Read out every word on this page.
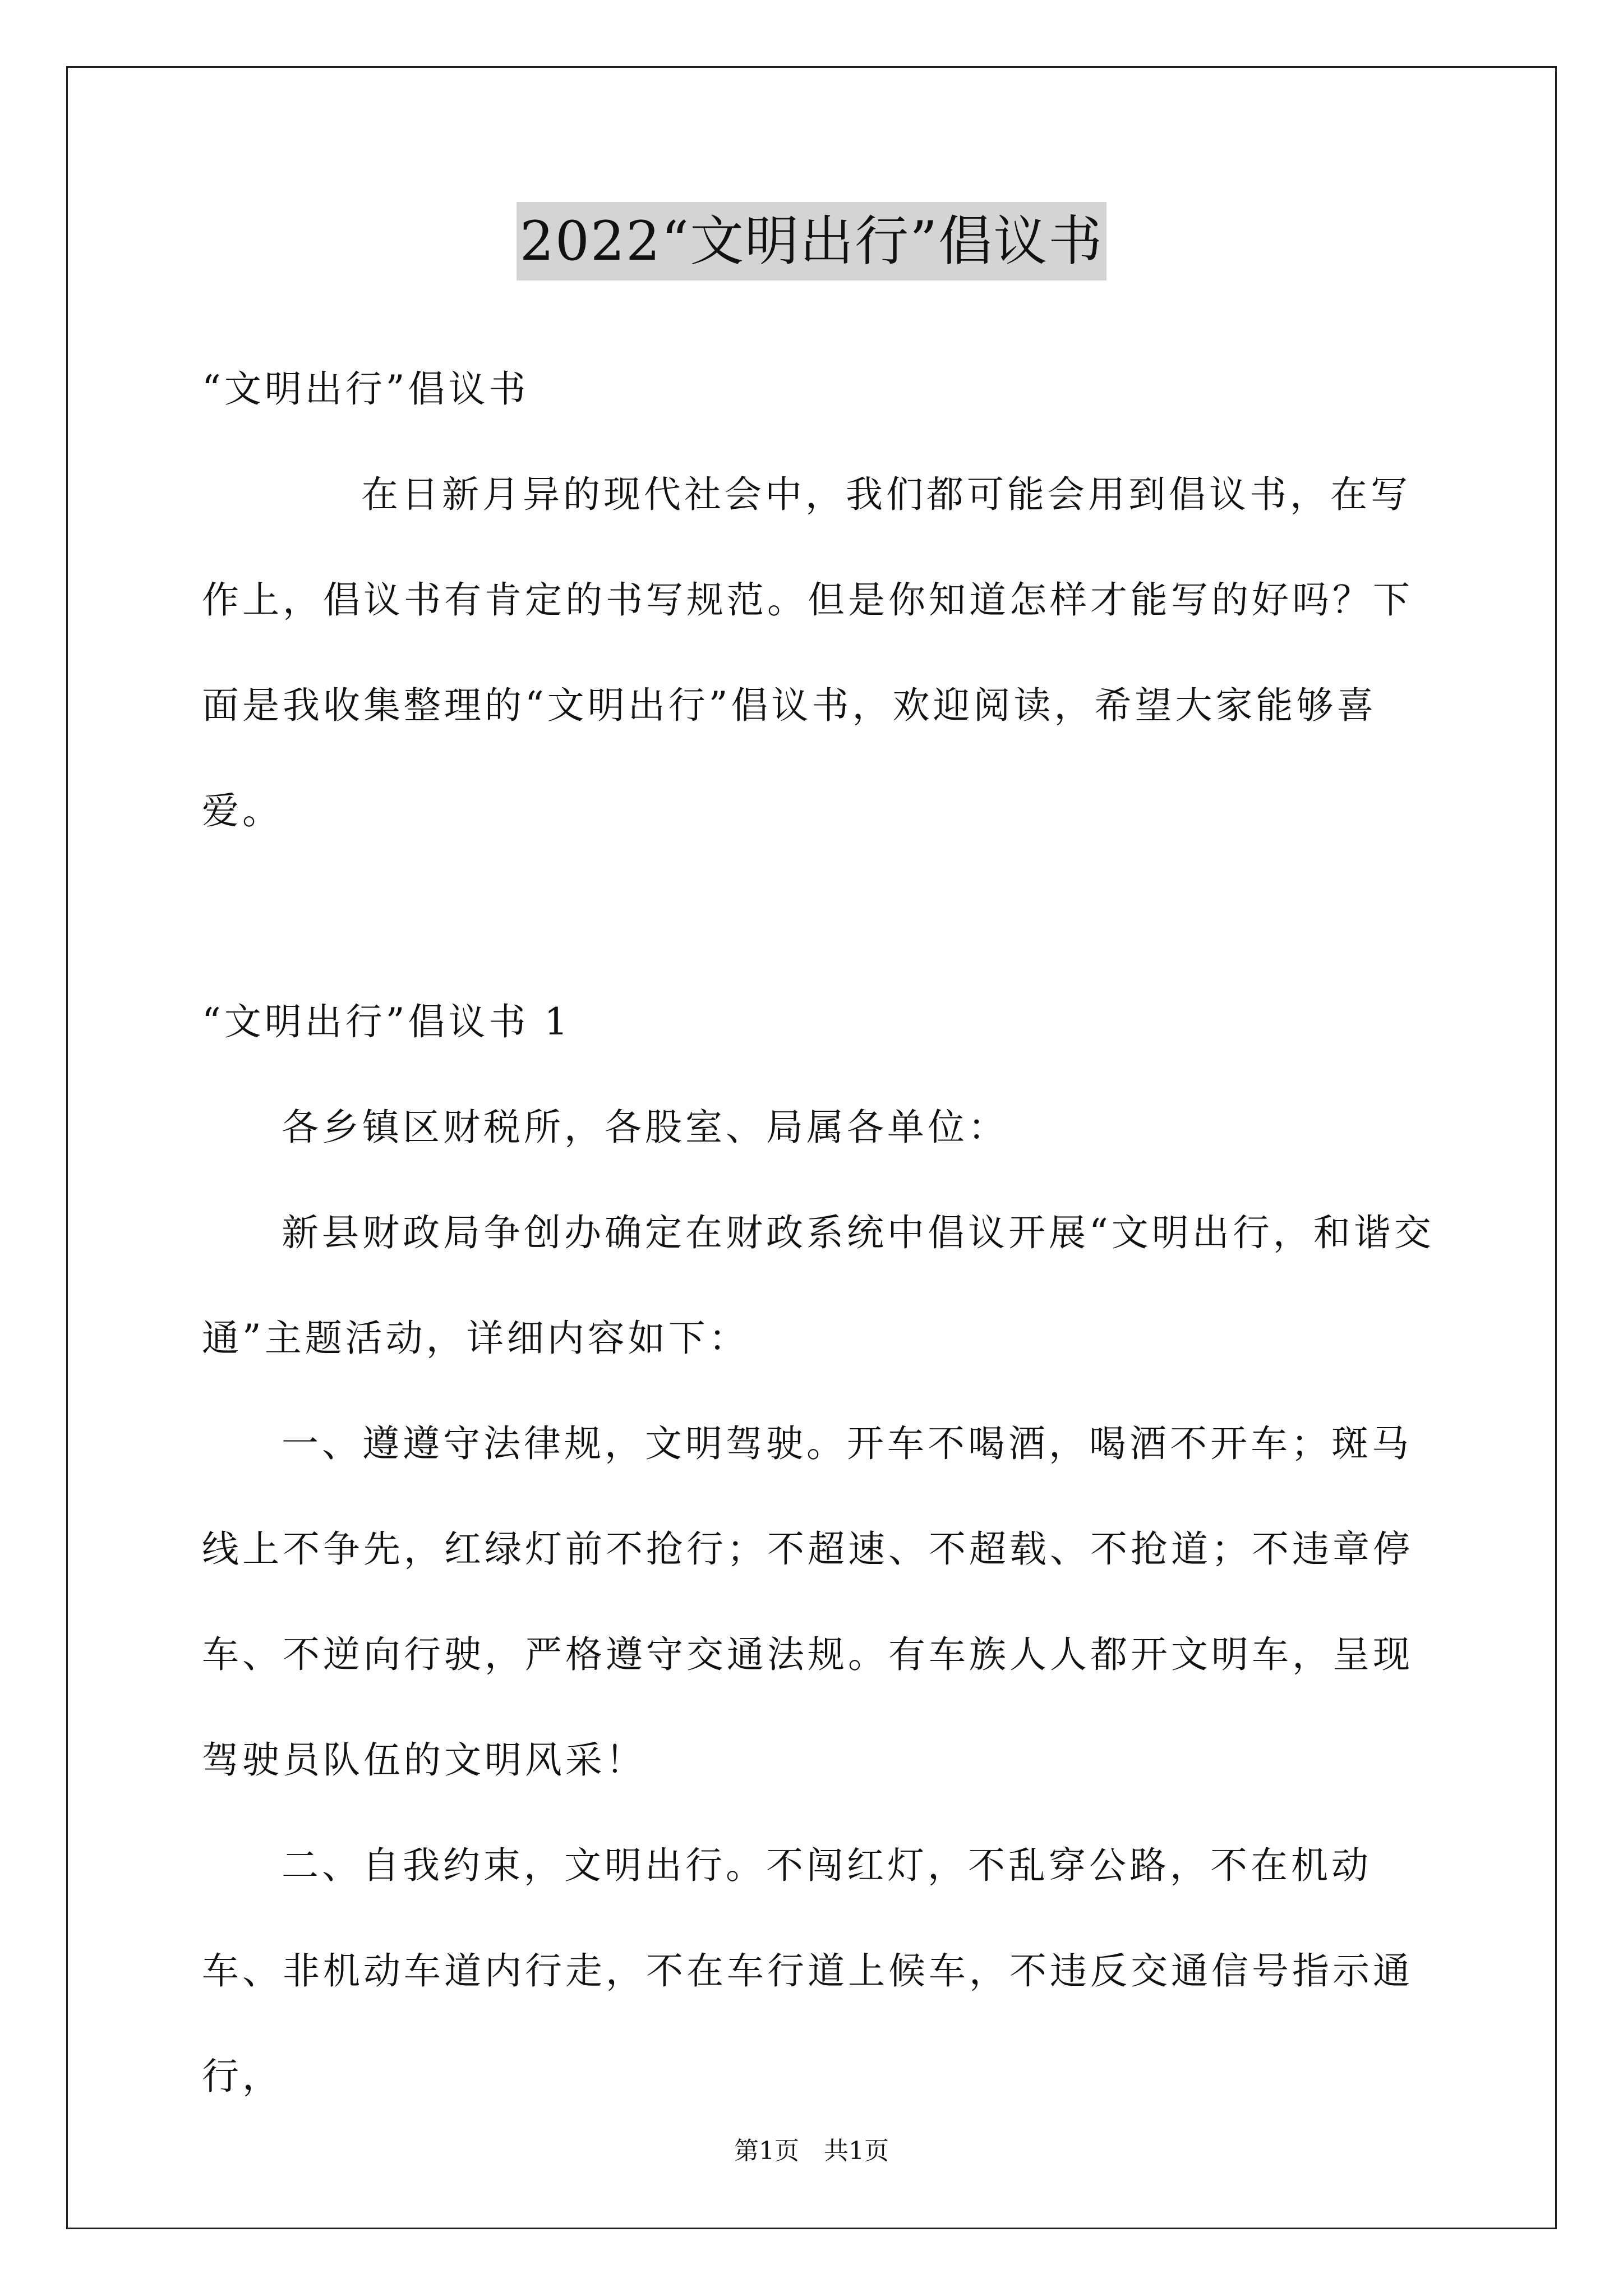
2022“文明出行”倡议书

“文明出行”倡议书

在日新月异的现代社会中，我们都可能会用到倡议书，在写作上，倡议书有肯定的书写规范。但是你知道怎样才能写的好吗？下面是我收集整理的“文明出行”倡议书，欢迎阅读，希望大家能够喜爱。

“文明出行”倡议书 1

各乡镇区财税所，各股室、局属各单位：

新县财政局争创办确定在财政系统中倡议开展“文明出行，和谐交通”主题活动，详细内容如下：

一、遵遵守法律规，文明驾驶。开车不喝酒，喝酒不开车；斑马线上不争先，红绿灯前不抢行；不超速、不超载、不抢道；不违章停车、不逆向行驶，严格遵守交通法规。有车族人人都开文明车，呈现驾驶员队伍的文明风采！

二、自我约束，文明出行。不闯红灯，不乱穿公路，不在机动车、非机动车道内行走，不在车行道上候车，不违反交通信号指示通行，

第1页　共1页
